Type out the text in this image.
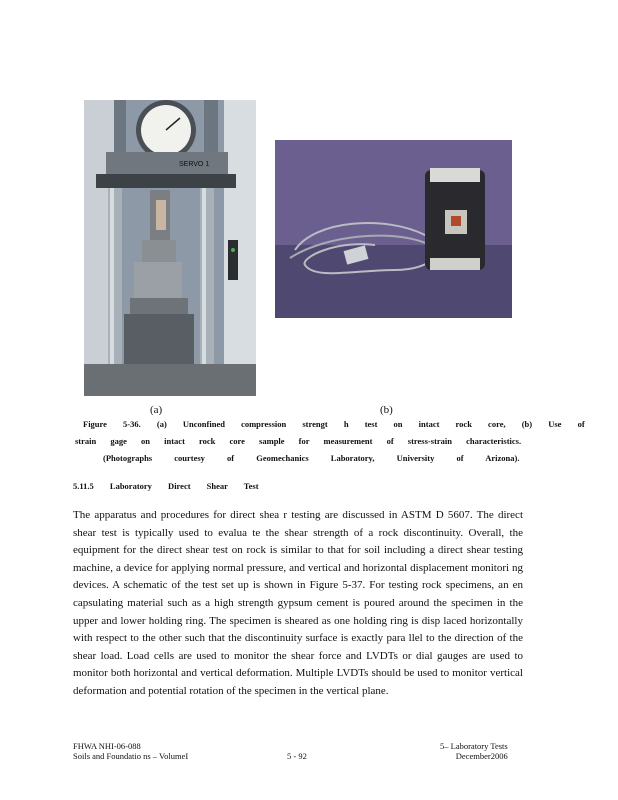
SERVO 1
(a)	(b)
Figure 5-36. (a) Unconfined compression strengt h test on intact rock core, (b) Use of
strain gage on intact rock core sample for measurement of stress-strain characteristics.
(Photographs courtesy of Geomechanics Laboratory, University of Arizona).
5.11.5 Laboratory Direct Shear Test
The apparatus and procedures for direct shea r testing are discussed in ASTM D 5607. The direct shear test is typically used to evalua te the shear strength of a rock discontinuity. Overall, the equipment for the direct shear test on rock is similar to that for soil including a direct shear testing machine, a device for applying normal pressure, and vertical and horizontal displacement monitori ng devices. A schematic of the test set up is shown in Figure 5-37. For testing rock specimens, an en capsulating material such as a high strength gypsum cement is poured around the specimen in the upper and lower holding ring. The specimen is sheared as one holding ring is disp laced horizontally with respect to the other such that the discontinuity surface is exactly para llel to the direction of the shear load. Load cells are used to monitor the shear force and LVDTs or dial gauges are used to monitor both horizontal and vertical deformation. Multiple LVDTs should be used to monitor vertical deformation and potential rotation of the specimen in the vertical plane.
FHWA NHI-06-088
Soils and Foundatio ns – VolumeI	5 - 92
5– Laboratory Tests
December2006
